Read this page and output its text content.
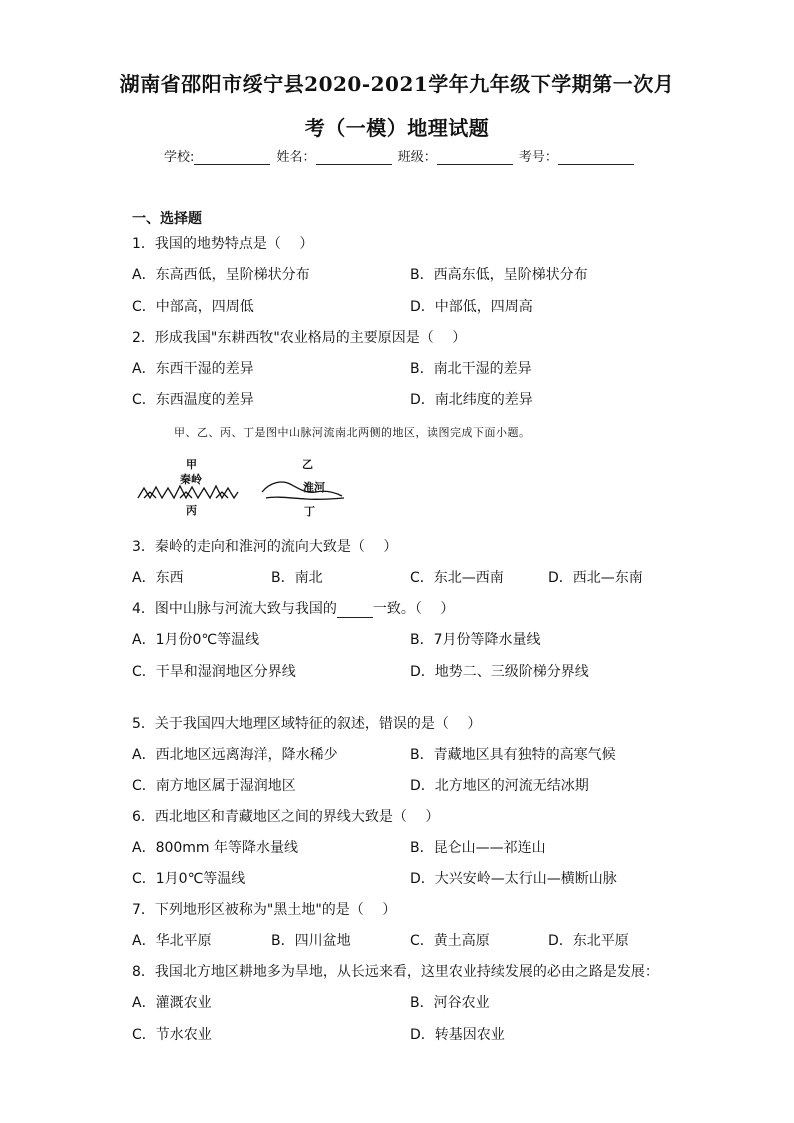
湖南省邵阳市绥宁县2020-2021学年九年级下学期第一次月
考（一模）地理试题
学校:	姓名：	班级：	考号：
一、选择题
1．我国的地势特点是（　 ）
A．东高西低，呈阶梯状分布	B．西高东低，呈阶梯状分布
C．中部高，四周低	D．中部低，四周高
2．形成我国"东耕西牧"农业格局的主要原因是（　 ）
A．东西干湿的差异	B．南北干湿的差异
C．东西温度的差异	D．南北纬度的差异
甲、乙、丙、丁是图中山脉河流南北两侧的地区，读图完成下面小题。
甲
秦岭
丙
乙
淮河
丁
3．秦岭的走向和淮河的流向大致是（　 ）
A．东西	B．南北	C．东北—西南	D．西北—东南
4．图中山脉与河流大致与我国的	一致。（　 ）
A．1月份0℃等温线	B．7月份等降水量线
C．干旱和湿润地区分界线	D．地势二、三级阶梯分界线
5．关于我国四大地理区域特征的叙述，错误的是（　 ）
A．西北地区远离海洋，降水稀少	B．青藏地区具有独特的高寒气候
C．南方地区属于湿润地区	D．北方地区的河流无结冰期
6．西北地区和青藏地区之间的界线大致是（　 ）
A．800mm 年等降水量线	B．昆仑山——祁连山
C．1月0℃等温线	D．大兴安岭—太行山—横断山脉
7．下列地形区被称为"黑土地"的是（　 ）
A．华北平原	B．四川盆地	C．黄土高原	D．东北平原
8．我国北方地区耕地多为旱地，从长远来看，这里农业持续发展的必由之路是发展：
A．灌溉农业	B．河谷农业
C．节水农业	D．转基因农业
